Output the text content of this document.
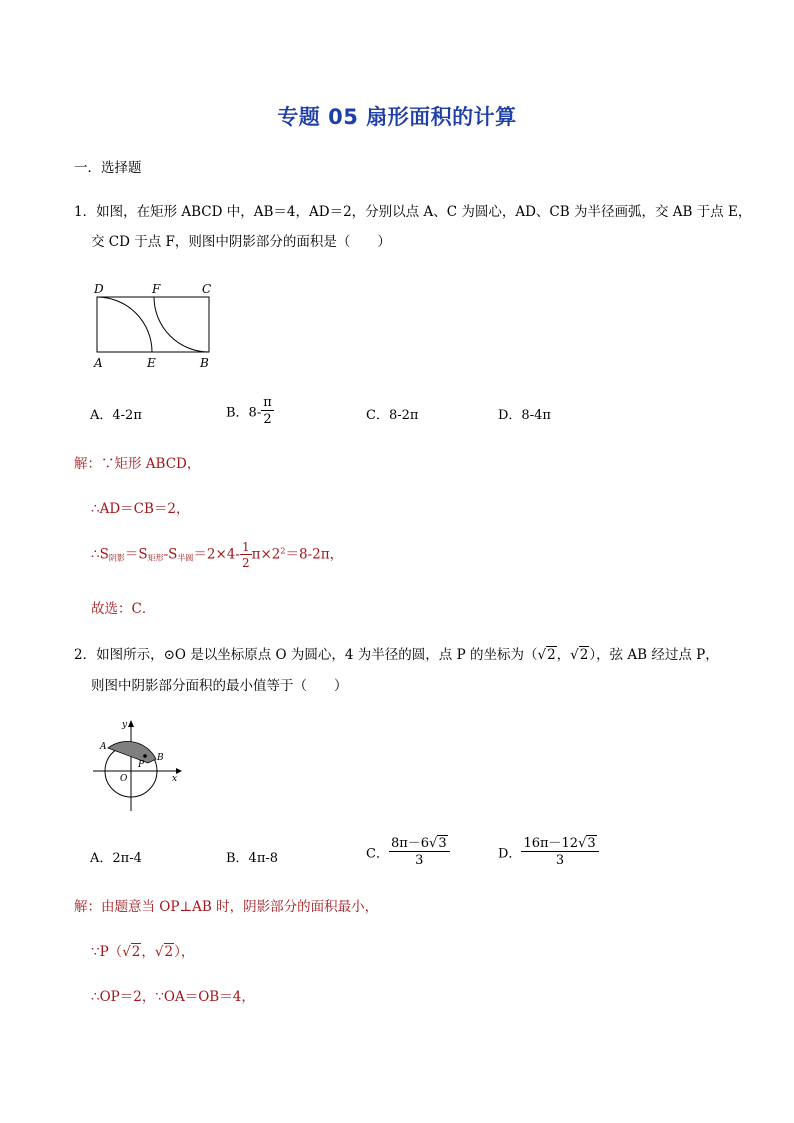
专题 05 扇形面积的计算
一．选择题
1．如图，在矩形 ABCD 中，AB＝4，AD＝2，分别以点 A、C 为圆心，AD、CB 为半径画弧，交 AB 于点 E，
交 CD 于点 F，则图中阴影部分的面积是（　　）
D	F	C
A	E	B
A．4-2π	B．$8- \frac{\pi}{2}$	C．8-2π	D．8-4π
解：∵矩形 ABCD，
∴AD＝CB＝2，
$\therefore S_{阴影}=S_{矩形}-S_{半圆}=2\times 4- \frac{1}{2} \pi\times 2^2=8-2\pi$，
故选：C．
2．如图所示，⊙O 是以坐标原点 O 为圆心，4 为半径的圆，点 P 的坐标为（√2，√2），弦 AB 经过点 P，
则图中阴影部分面积的最小值等于（　　）
y
x
A
B
O
P
A．2π-4	B．4π-8	C． $\frac{8\pi-6√3}{3}$	D． $\frac{16\pi-12√3}{3}$
解：由题意当 OP⊥AB 时，阴影部分的面积最小，
∵P（√2，√2），
∴OP＝2，∵OA＝OB＝4，
